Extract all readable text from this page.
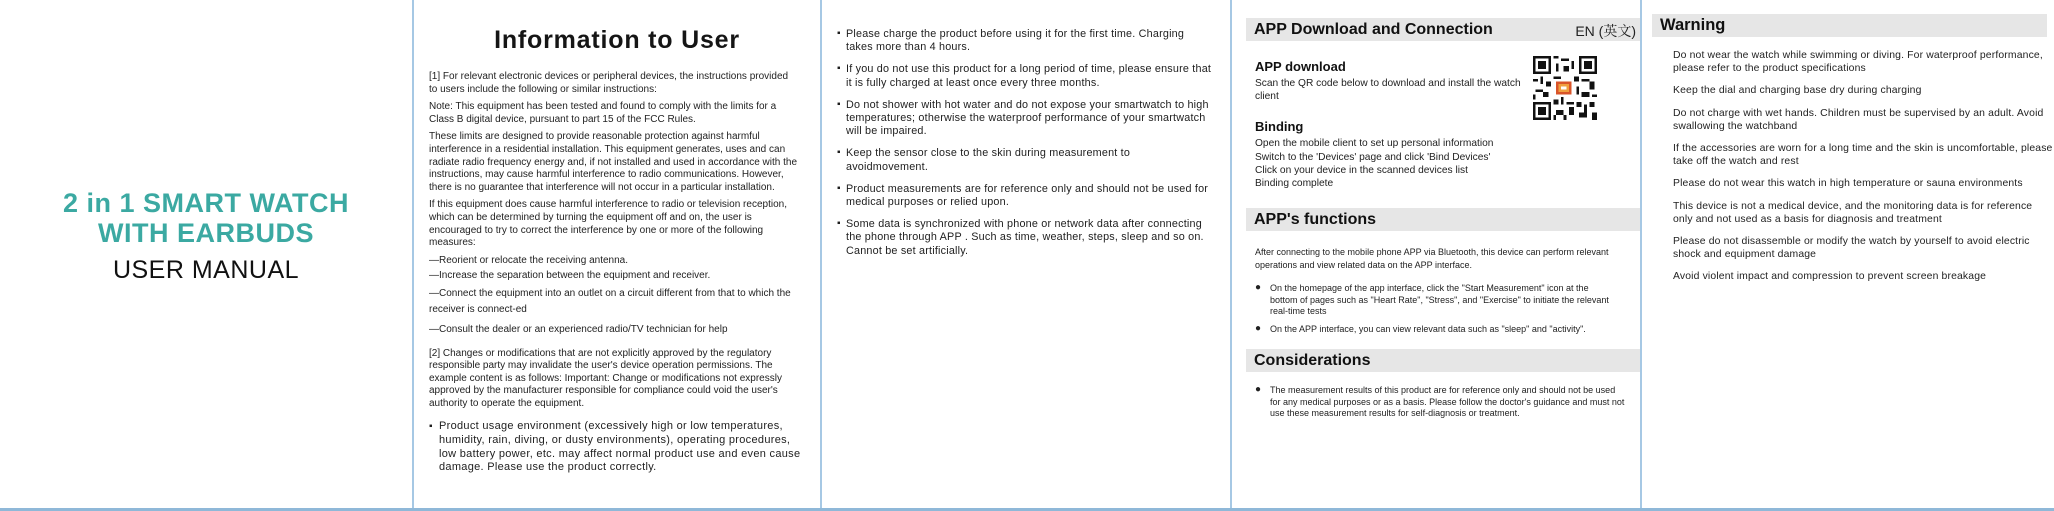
2 in 1 SMART WATCH
WITH EARBUDS
USER MANUAL
Information to User

[1] For relevant electronic devices or peripheral devices, the instructions provided to users include the following or similar instructions:

Note: This equipment has been tested and found to comply with the limits for a Class B digital device, pursuant to part 15 of the FCC Rules.

These limits are designed to provide reasonable protection against harmful interference in a residential installation. This equipment generates, uses and can radiate radio frequency energy and, if not installed and used in accordance with the instructions, may cause harmful interference to radio communications. However, there is no guarantee that interference will not occur in a particular installation.

If this equipment does cause harmful interference to radio or television reception, which can be determined by turning the equipment off and on, the user is encouraged to try to correct the interference by one or more of the following measures:

—Reorient or relocate the receiving antenna.

—Increase the separation between the equipment and receiver.

—Connect the equipment into an outlet on a circuit different from that to which the receiver is connect-ed

—Consult the dealer or an experienced radio/TV technician for help

[2] Changes or modifications that are not explicitly approved by the regulatory responsible party may invalidate the user's device operation permissions. The example content is as follows: Important: Change or modifications not expressly approved by the manufacturer responsible for compliance could void the user's authority to operate the equipment.

▪ Product usage environment (excessively high or low temperatures, humidity, rain, diving, or dusty environments), operating procedures, low battery power, etc. may affect normal product use and even cause damage. Please use the product correctly.
▪ Please charge the product before using it for the first time. Charging takes more than 4 hours.
▪ If you do not use this product for a long period of time, please ensure that it is fully charged at least once every three months.
▪ Do not shower with hot water and do not expose your smartwatch to high temperatures; otherwise the waterproof performance of your smartwatch will be impaired.
▪ Keep the sensor close to the skin during measurement to avoidmovement.
▪ Product measurements are for reference only and should not be used for medical purposes or relied upon.
▪ Some data is synchronized with phone or network data after connecting the phone through APP . Such as time, weather, steps, sleep and so on. Cannot be set artificially.
APP Download and Connection	EN (英文)
APP download
Scan the QR code below to download and install the watch client
Binding
Open the mobile client to set up personal information
Switch to the 'Devices' page and click 'Bind Devices'
Click on your device in the scanned devices list
Binding complete
APP's functions
After connecting to the mobile phone APP via Bluetooth, this device can perform relevant operations and view related data on the APP interface.
● On the homepage of the app interface, click the "Start Measurement" icon at the bottom of pages such as "Heart Rate", "Stress", and "Exercise" to initiate the relevant real-time tests
● On the APP interface, you can view relevant data such as "sleep" and "activity".
Considerations
● The measurement results of this product are for reference only and should not be used for any medical purposes or as a basis. Please follow the doctor's guidance and must not use these measurement results for self-diagnosis or treatment.
Warning

Do not wear the watch while swimming or diving. For waterproof performance, please refer to the product specifications

Keep the dial and charging base dry during charging

Do not charge with wet hands. Children must be supervised by an adult. Avoid swallowing the watchband

If the accessories are worn for a long time and the skin is uncomfortable, please take off the watch and rest

Please do not wear this watch in high temperature or sauna environments

This device is not a medical device, and the monitoring data is for reference only and not used as a basis for diagnosis and treatment

Please do not disassemble or modify the watch by yourself to avoid electric shock and equipment damage

Avoid violent impact and compression to prevent screen breakage
